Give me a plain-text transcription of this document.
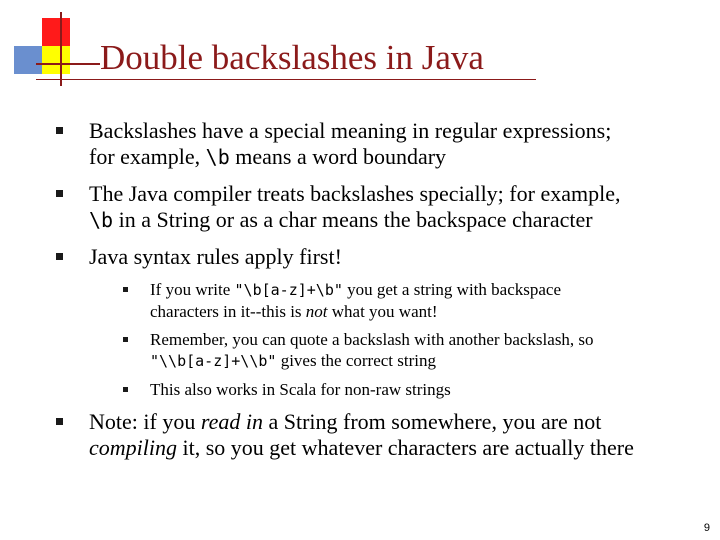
Double backslashes in Java
Backslashes have a special meaning in regular expressions;
for example, \b means a word boundary
The Java compiler treats backslashes specially; for example,
\b in a String or as a char means the backspace character
Java syntax rules apply first!
If you write "\b[a-z]+\b" you get a string with backspace
characters in it--this is not what you want!
Remember, you can quote a backslash with another backslash, so
"\\b[a-z]+\\b" gives the correct string
This also works in Scala for non-raw strings
Note: if you read in a String from somewhere, you are not
compiling it, so you get whatever characters are actually there
9
